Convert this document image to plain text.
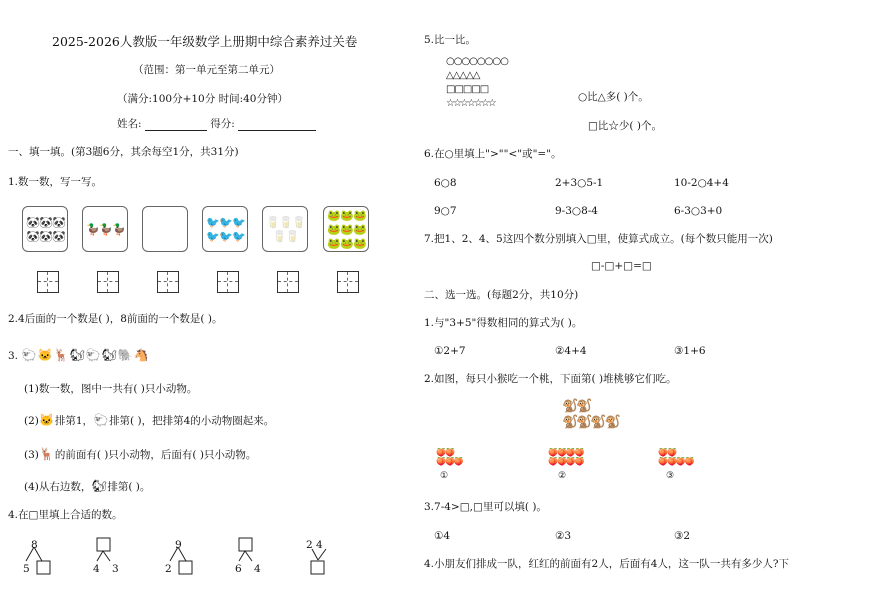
2025-2026人教版一年级数学上册期中综合素养过关卷
（范围：第一单元至第二单元）
（满分:100分+10分 时间:40分钟）
姓名:	得分:
一、填一填。(第3题6分，其余每空1分，共31分)
1.数一数，写一写。
🐼 🐼 🐼
🐼 🐼 🐼
🦆 🦆 🦆
🐦 🐦 🐦
🐦 🐦 🐦
🥛 🥛 🥛
🥛 🥛
🐸 🐸 🐸
🐸 🐸 🐸
🐸 🐸 🐸
2.4后面的一个数是( )，8前面的一个数是( )。
3. 🐑🐱🦌🐿🐑🐿🐘🐴
(1)数一数，图中一共有( )只小动物。
(2)🐱排第1，🐑排第( )，把排第4的小动物圈起来。
(3)🦌的前面有( )只小动物，后面有( )只小动物。
(4)从右边数，🐿排第( )。
4.在□里填上合适的数。
8
5	4 3
9
2	6 4
2 4
5.比一比。
○○○○○○○○
△△△△△
□□□□□
☆☆☆☆☆☆☆
○比△多( )个。
□比☆少( )个。
6.在○里填上">""<"或"="。
6○8	2+3○5-1	10-2○4+4
9○7	9-3○8-4	6-3○3+0
7.把1、2、4、5这四个数分别填入□里，使算式成立。(每个数只能用一次)
□-□+□=□
二、选一选。(每题2分，共10分)
1.与"3+5"得数相同的算式为( )。
①2+7	②4+4	③1+6
2.如图，每只小猴吃一个桃，下面第( )堆桃够它们吃。
🐒🐒
🐒🐒🐒🐒
🍑🍑
🍑🍑🍑
🍑🍑🍑🍑
🍑🍑🍑🍑
🍑🍑
🍑🍑🍑🍑
①	②	③
3.7-4>□,□里可以填( )。
①4	②3	③2
4.小朋友们排成一队，红红的前面有2人，后面有4人，这一队一共有多少人?下
